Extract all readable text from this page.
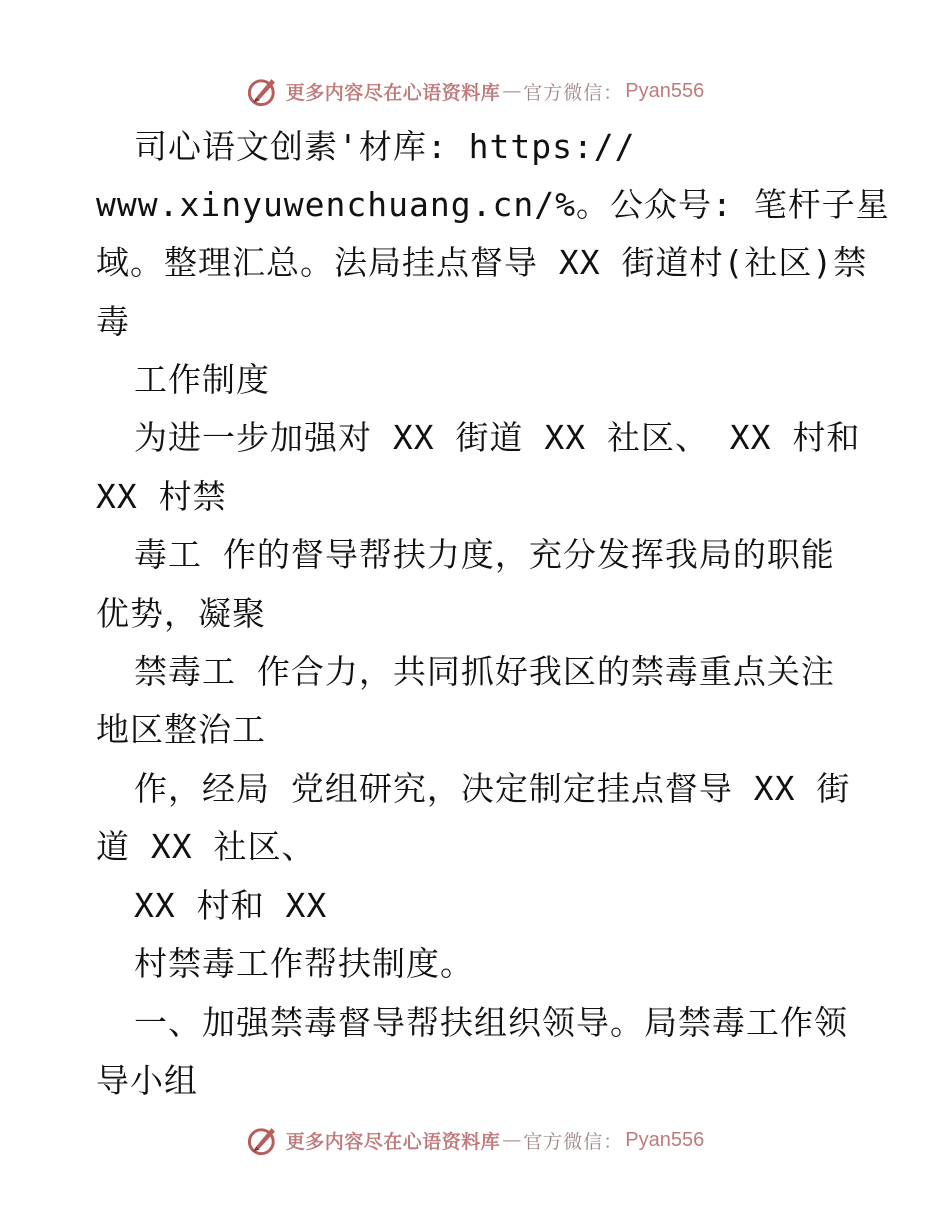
更多内容尽在心语资料库 — 官方微信： Pyan556
司心语文创素'材库: https://
www.xinyuwenchuang.cn/%。公众号: 笔杆子星
域。整理汇总。法局挂点督导 XX 街道村(社区)禁
毒
工作制度
为进一步加强对 XX 街道 XX 社区、 XX 村和
XX 村禁
毒工 作的督导帮扶力度，充分发挥我局的职能
优势，凝聚
禁毒工 作合力，共同抓好我区的禁毒重点关注
地区整治工
作，经局 党组研究，决定制定挂点督导 XX 街
道 XX 社区、
XX 村和 XX
村禁毒工作帮扶制度。
一、加强禁毒督导帮扶组织领导。局禁毒工作领
导小组
更多内容尽在心语资料库 — 官方微信： Pyan556
